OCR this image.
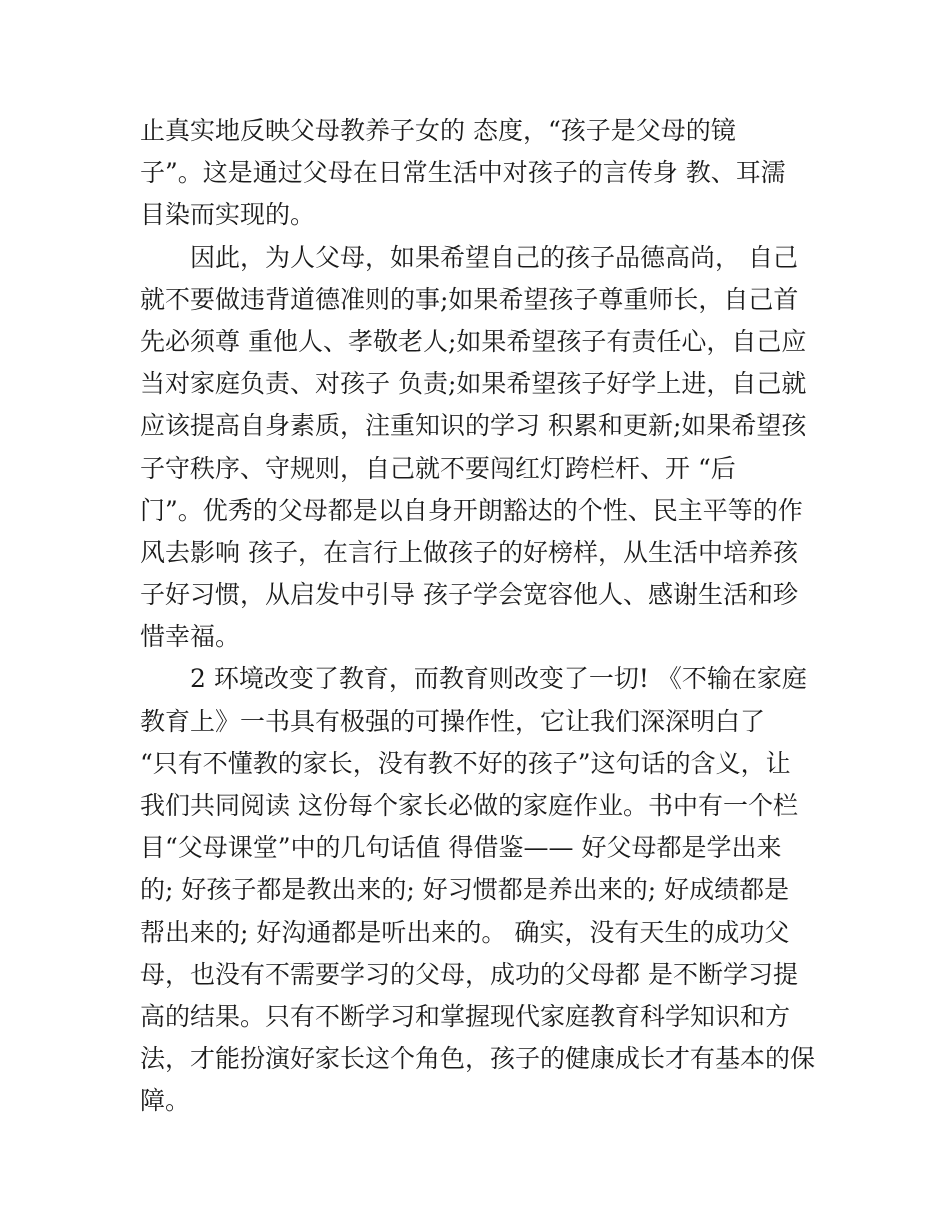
止真实地反映父母教养子女的 态度，“孩子是父母的镜
子”。这是通过父母在日常生活中对孩子的言传身 教、耳濡
目染而实现的。
因此，为人父母，如果希望自己的孩子品德高尚， 自己
就不要做违背道德准则的事;如果希望孩子尊重师长，自己首
先必须尊 重他人、孝敬老人;如果希望孩子有责任心，自己应
当对家庭负责、对孩子 负责;如果希望孩子好学上进，自己就
应该提高自身素质，注重知识的学习 积累和更新;如果希望孩
子守秩序、守规则，自己就不要闯红灯跨栏杆、开 “后
门”。优秀的父母都是以自身开朗豁达的个性、民主平等的作
风去影响 孩子，在言行上做孩子的好榜样，从生活中培养孩
子好习惯，从启发中引导 孩子学会宽容他人、感谢生活和珍
惜幸福。
2 环境改变了教育，而教育则改变了一切! 《不输在家庭
教育上》一书具有极强的可操作性，它让我们深深明白了
“只有不懂教的家长，没有教不好的孩子”这句话的含义，让
我们共同阅读 这份每个家长必做的家庭作业。书中有一个栏
目“父母课堂”中的几句话值 得借鉴—— 好父母都是学出来
的; 好孩子都是教出来的; 好习惯都是养出来的; 好成绩都是
帮出来的; 好沟通都是听出来的。 确实，没有天生的成功父
母，也没有不需要学习的父母，成功的父母都 是不断学习提
高的结果。只有不断学习和掌握现代家庭教育科学知识和方
法，才能扮演好家长这个角色，孩子的健康成长才有基本的保
障。
